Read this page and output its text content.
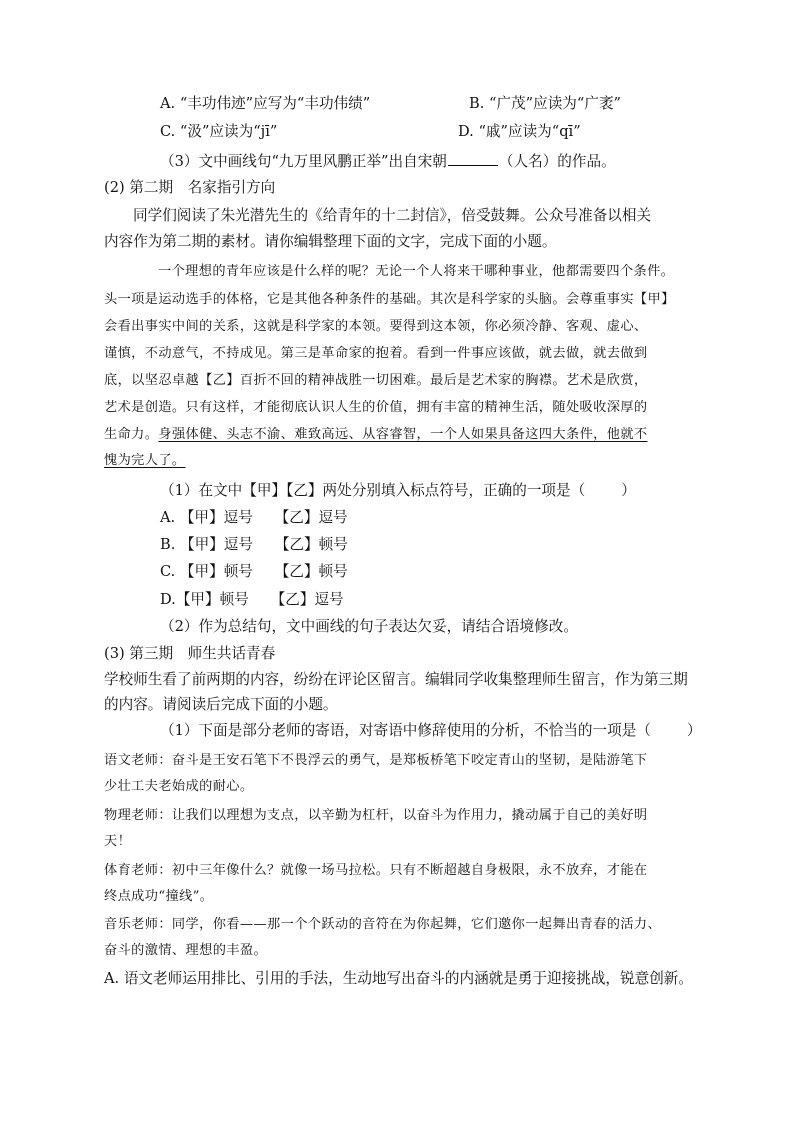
A. “丰功伟迹”应写为“丰功伟绩”	B. “广茂”应读为“广袤”
C. “汲”应读为“jī”	D. “戚”应读为“qī”
（3）文中画线句“九万里风鹏正举”出自宋朝	（人名）的作品。
(2) 第二期　名家指引方向
同学们阅读了朱光潜先生的《给青年的十二封信》，倍受鼓舞。公众号准备以相关
内容作为第二期的素材。请你编辑整理下面的文字，完成下面的小题。
一个理想的青年应该是什么样的呢？无论一个人将来干哪种事业，他都需要四个条件。
头一项是运动选手的体格，它是其他各种条件的基础。其次是科学家的头脑。会尊重事实【甲】
会看出事实中间的关系，这就是科学家的本领。要得到这本领，你必须冷静、客观、虚心、
谨慎，不动意气，不持成见。第三是革命家的抱着。看到一件事应该做，就去做，就去做到
底，以坚忍卓越【乙】百折不回的精神战胜一切困难。最后是艺术家的胸襟。艺术是欣赏，
艺术是创造。只有这样，才能彻底认识人生的价值，拥有丰富的精神生活，随处吸收深厚的
生命力。身强体健、头志不渝、难致高远、从容睿智，一个人如果具备这四大条件，他就不
愧为完人了。
（1）在文中【甲】【乙】两处分别填入标点符号，正确的一项是（ ）
A. 【甲】逗号　　【乙】逗号
B. 【甲】逗号　　【乙】顿号
C. 【甲】顿号　　【乙】顿号
D.【甲】顿号　　【乙】逗号
（2）作为总结句，文中画线的句子表达欠妥，请结合语境修改。
(3) 第三期　师生共话青春
学校师生看了前两期的内容，纷纷在评论区留言。编辑同学收集整理师生留言，作为第三期
的内容。请阅读后完成下面的小题。
（1）下面是部分老师的寄语，对寄语中修辞使用的分析，不恰当的一项是（ ）
语文老师：奋斗是王安石笔下不畏浮云的勇气，是郑板桥笔下咬定青山的坚韧，是陆游笔下
少壮工夫老始成的耐心。
物理老师：让我们以理想为支点，以辛勤为杠杆，以奋斗为作用力，撬动属于自己的美好明
天！
体育老师：初中三年像什么？就像一场马拉松。只有不断超越自身极限，永不放弃，才能在
终点成功“撞线”。
音乐老师：同学，你看——那一个个跃动的音符在为你起舞，它们邀你一起舞出青春的活力、
奋斗的激情、理想的丰盈。
A. 语文老师运用排比、引用的手法，生动地写出奋斗的内涵就是勇于迎接挑战，锐意创新。
